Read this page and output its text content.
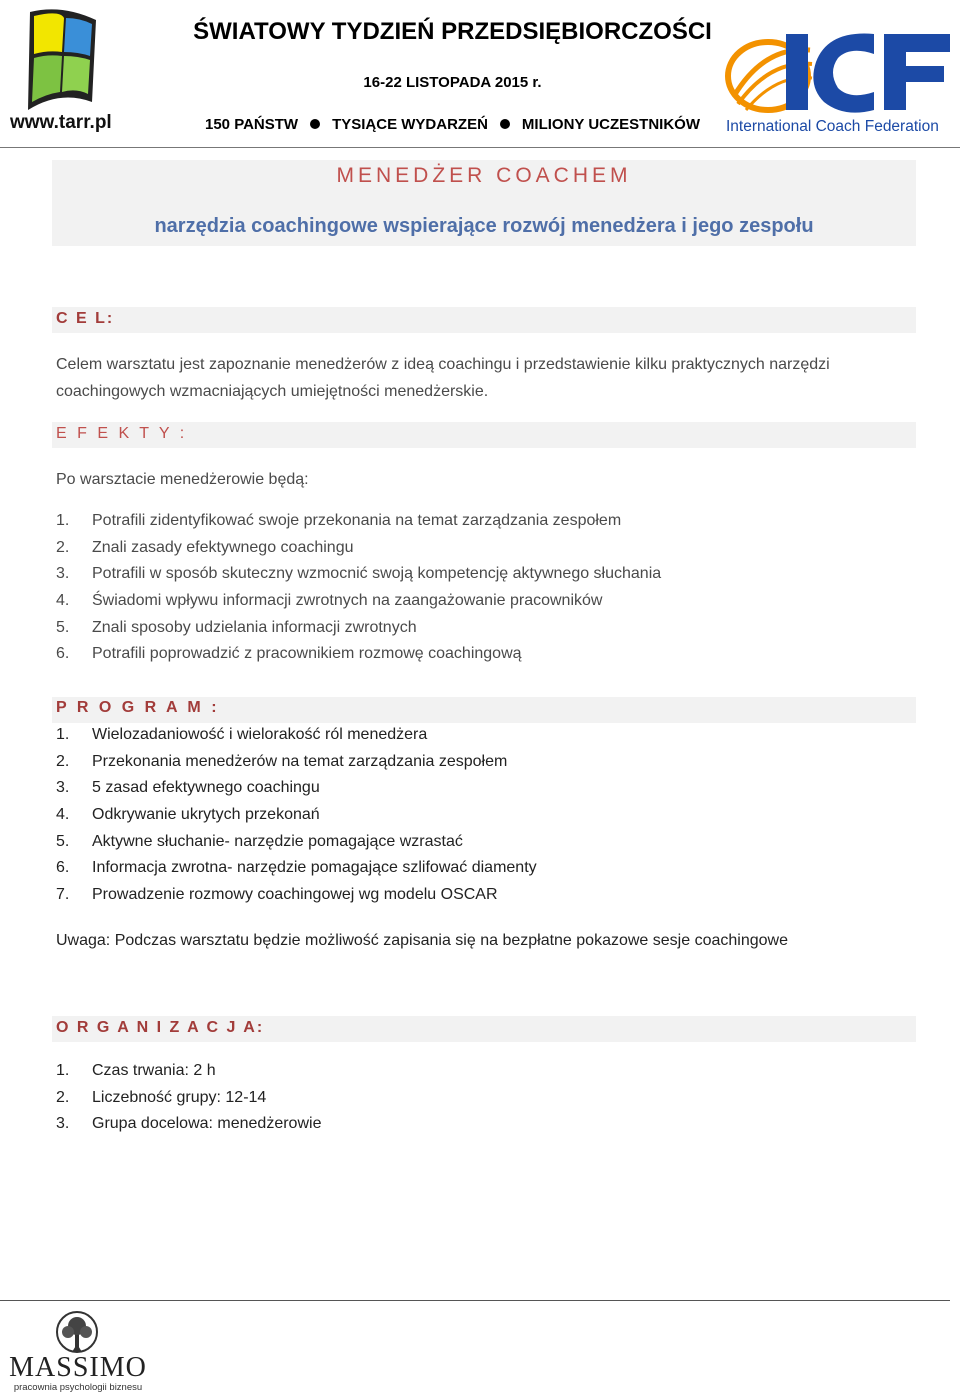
www.tarr.pl
ŚWIATOWY TYDZIEŃ PRZEDSIĘBIORCZOŚCI
16-22 LISTOPADA 2015 r.
150 PAŃSTW TYSIĄCE WYDARZEŃ MILIONY UCZESTNIKÓW	International Coach Federation
MENEDŻER COACHEM
narzędzia coachingowe wspierające rozwój menedżera i jego zespołu
C E L:
Celem warsztatu jest zapoznanie menedżerów z ideą coachingu i przedstawienie kilku praktycznych narzędzi coachingowych wzmacniających umiejętności menedżerskie.
E F E K T Y :
Po warsztacie menedżerowie będą:
1. Potrafili zidentyfikować swoje przekonania na temat zarządzania zespołem
2. Znali zasady efektywnego coachingu
3. Potrafili w sposób skuteczny wzmocnić swoją kompetencję aktywnego słuchania
4. Świadomi wpływu informacji zwrotnych na zaangażowanie pracowników
5. Znali sposoby udzielania informacji zwrotnych
6. Potrafili poprowadzić z pracownikiem rozmowę coachingową
P R O G R A M :
1. Wielozadaniowość i wielorakość ról menedżera
2. Przekonania menedżerów na temat zarządzania zespołem
3. 5 zasad efektywnego coachingu
4. Odkrywanie ukrytych przekonań
5. Aktywne słuchanie- narzędzie pomagające wzrastać
6. Informacja zwrotna- narzędzie pomagające szlifować diamenty
7. Prowadzenie rozmowy coachingowej wg modelu OSCAR
Uwaga: Podczas warsztatu będzie możliwość zapisania się na bezpłatne pokazowe sesje coachingowe
O R G A N I Z A C J A:
1. Czas trwania: 2 h
2. Liczebność grupy: 12-14
3. Grupa docelowa: menedżerowie
MASSIMO
pracownia psychologii biznesu
